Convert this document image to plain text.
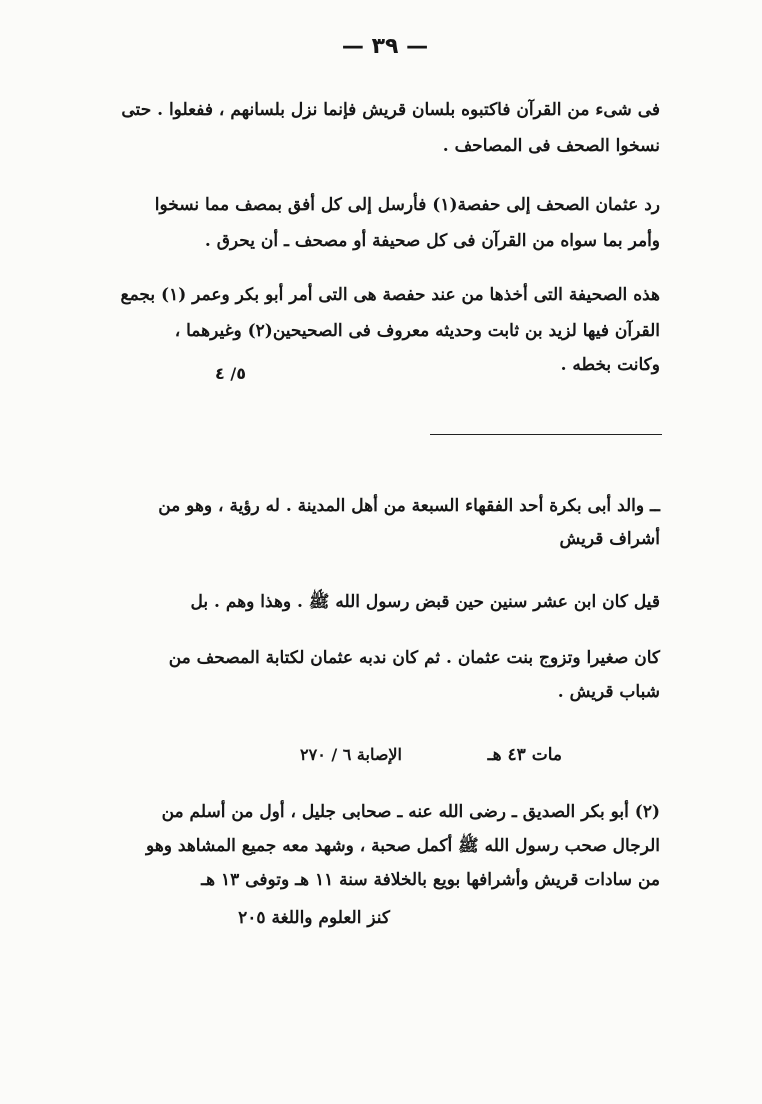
— ٣٩ —
فى شىء من القرآن فاكتبوه بلسان قريش فإنما نزل بلسانهم ، ففعلوا . حتى
نسخوا الصحف فى المصاحف .
رد عثمان الصحف إلى حفصة(١) فأرسل إلى كل أفق بمصف مما نسخوا
وأمر بما سواه من القرآن فى كل صحيفة أو مصحف ـ أن يحرق .
هذه الصحيفة التى أخذها من عند حفصة هى التى أمر أبو بكر وعمر (١) بجمع
القرآن فيها لزيد بن ثابت وحديثه معروف فى الصحيحين(٢) وغيرهما ،
وكانت بخطه .
٥/ ٤
ــ والد أبى بكرة أحد الفقهاء السبعة من أهل المدينة . له رؤية ، وهو من
أشراف قريش
قيل كان ابن عشر سنين حين قبض رسول الله ﷺ . وهذا وهم . بل
كان صغيرا وتزوج بنت عثمان . ثم كان ندبه عثمان لكتابة المصحف من
شباب قريش .
مات ٤٣ هـ
الإصابة ٦ / ٢٧٠
(٢) أبو بكر الصديق ـ رضى الله عنه ـ صحابى جليل ، أول من أسلم من
الرجال صحب رسول الله ﷺ أكمل صحبة ، وشهد معه جميع المشاهد وهو
من سادات قريش وأشرافها بويع بالخلافة سنة ١١ هـ وتوفى ١٣ هـ
كنز العلوم واللغة ٢٠٥
